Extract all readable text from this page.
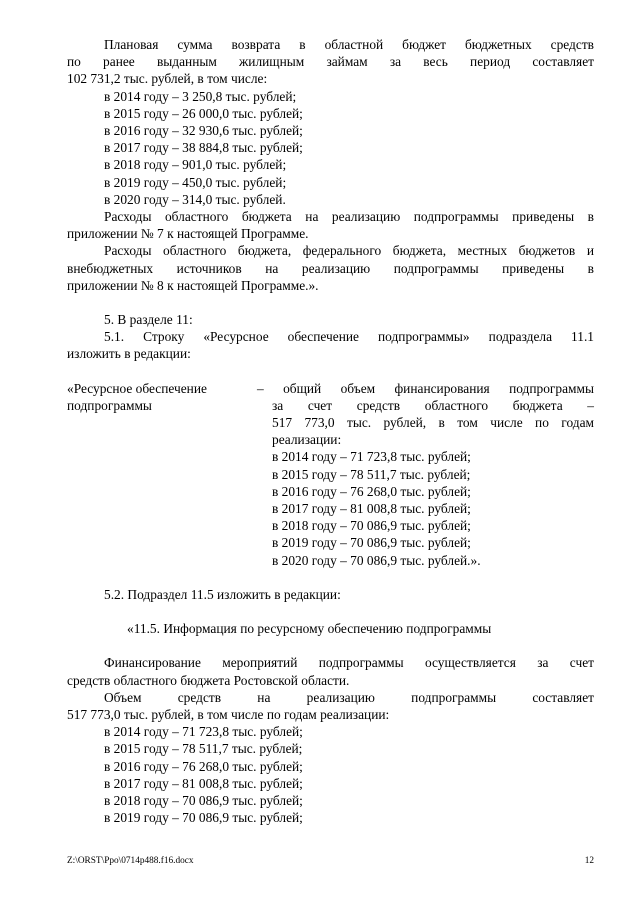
Плановая сумма возврата в областной бюджет бюджетных средств

по ранее выданным жилищным займам за весь период составляет

102 731,2 тыс. рублей, в том числе:

в 2014 году – 3 250,8 тыс. рублей;

в 2015 году – 26 000,0 тыс. рублей;

в 2016 году – 32 930,6 тыс. рублей;

в 2017 году – 38 884,8 тыс. рублей;

в 2018 году – 901,0 тыс. рублей;

в 2019 году – 450,0 тыс. рублей;

в 2020 году – 314,0 тыс. рублей.

Расходы областного бюджета на реализацию подпрограммы приведены в

приложении № 7 к настоящей Программе.

Расходы областного бюджета, федерального бюджета, местных бюджетов и

внебюджетных источников на реализацию подпрограммы приведены в

приложении № 8 к настоящей Программе.».

5. В разделе 11:

5.1. Строку «Ресурсное обеспечение подпрограммы» подраздела 11.1

изложить в редакции:

«Ресурсное обеспечение

подпрограммы

– общий объем финансирования подпрограммы

за счет средств областного бюджета –

517 773,0 тыс. рублей, в том числе по годам

реализации:

в 2014 году – 71 723,8 тыс. рублей;

в 2015 году – 78 511,7 тыс. рублей;

в 2016 году – 76 268,0 тыс. рублей;

в 2017 году – 81 008,8 тыс. рублей;

в 2018 году – 70 086,9 тыс. рублей;

в 2019 году – 70 086,9 тыс. рублей;

в 2020 году – 70 086,9 тыс. рублей.».

5.2. Подраздел 11.5 изложить в редакции:

«11.5. Информация по ресурсному обеспечению подпрограммы

Финансирование мероприятий подпрограммы осуществляется за счет

средств областного бюджета Ростовской области.

Объем средств на реализацию подпрограммы составляет

517 773,0 тыс. рублей, в том числе по годам реализации:

в 2014 году – 71 723,8 тыс. рублей;

в 2015 году – 78 511,7 тыс. рублей;

в 2016 году – 76 268,0 тыс. рублей;

в 2017 году – 81 008,8 тыс. рублей;

в 2018 году – 70 086,9 тыс. рублей;

в 2019 году – 70 086,9 тыс. рублей;

Z:\ORST\Ppo\0714p488.f16.docx	12
